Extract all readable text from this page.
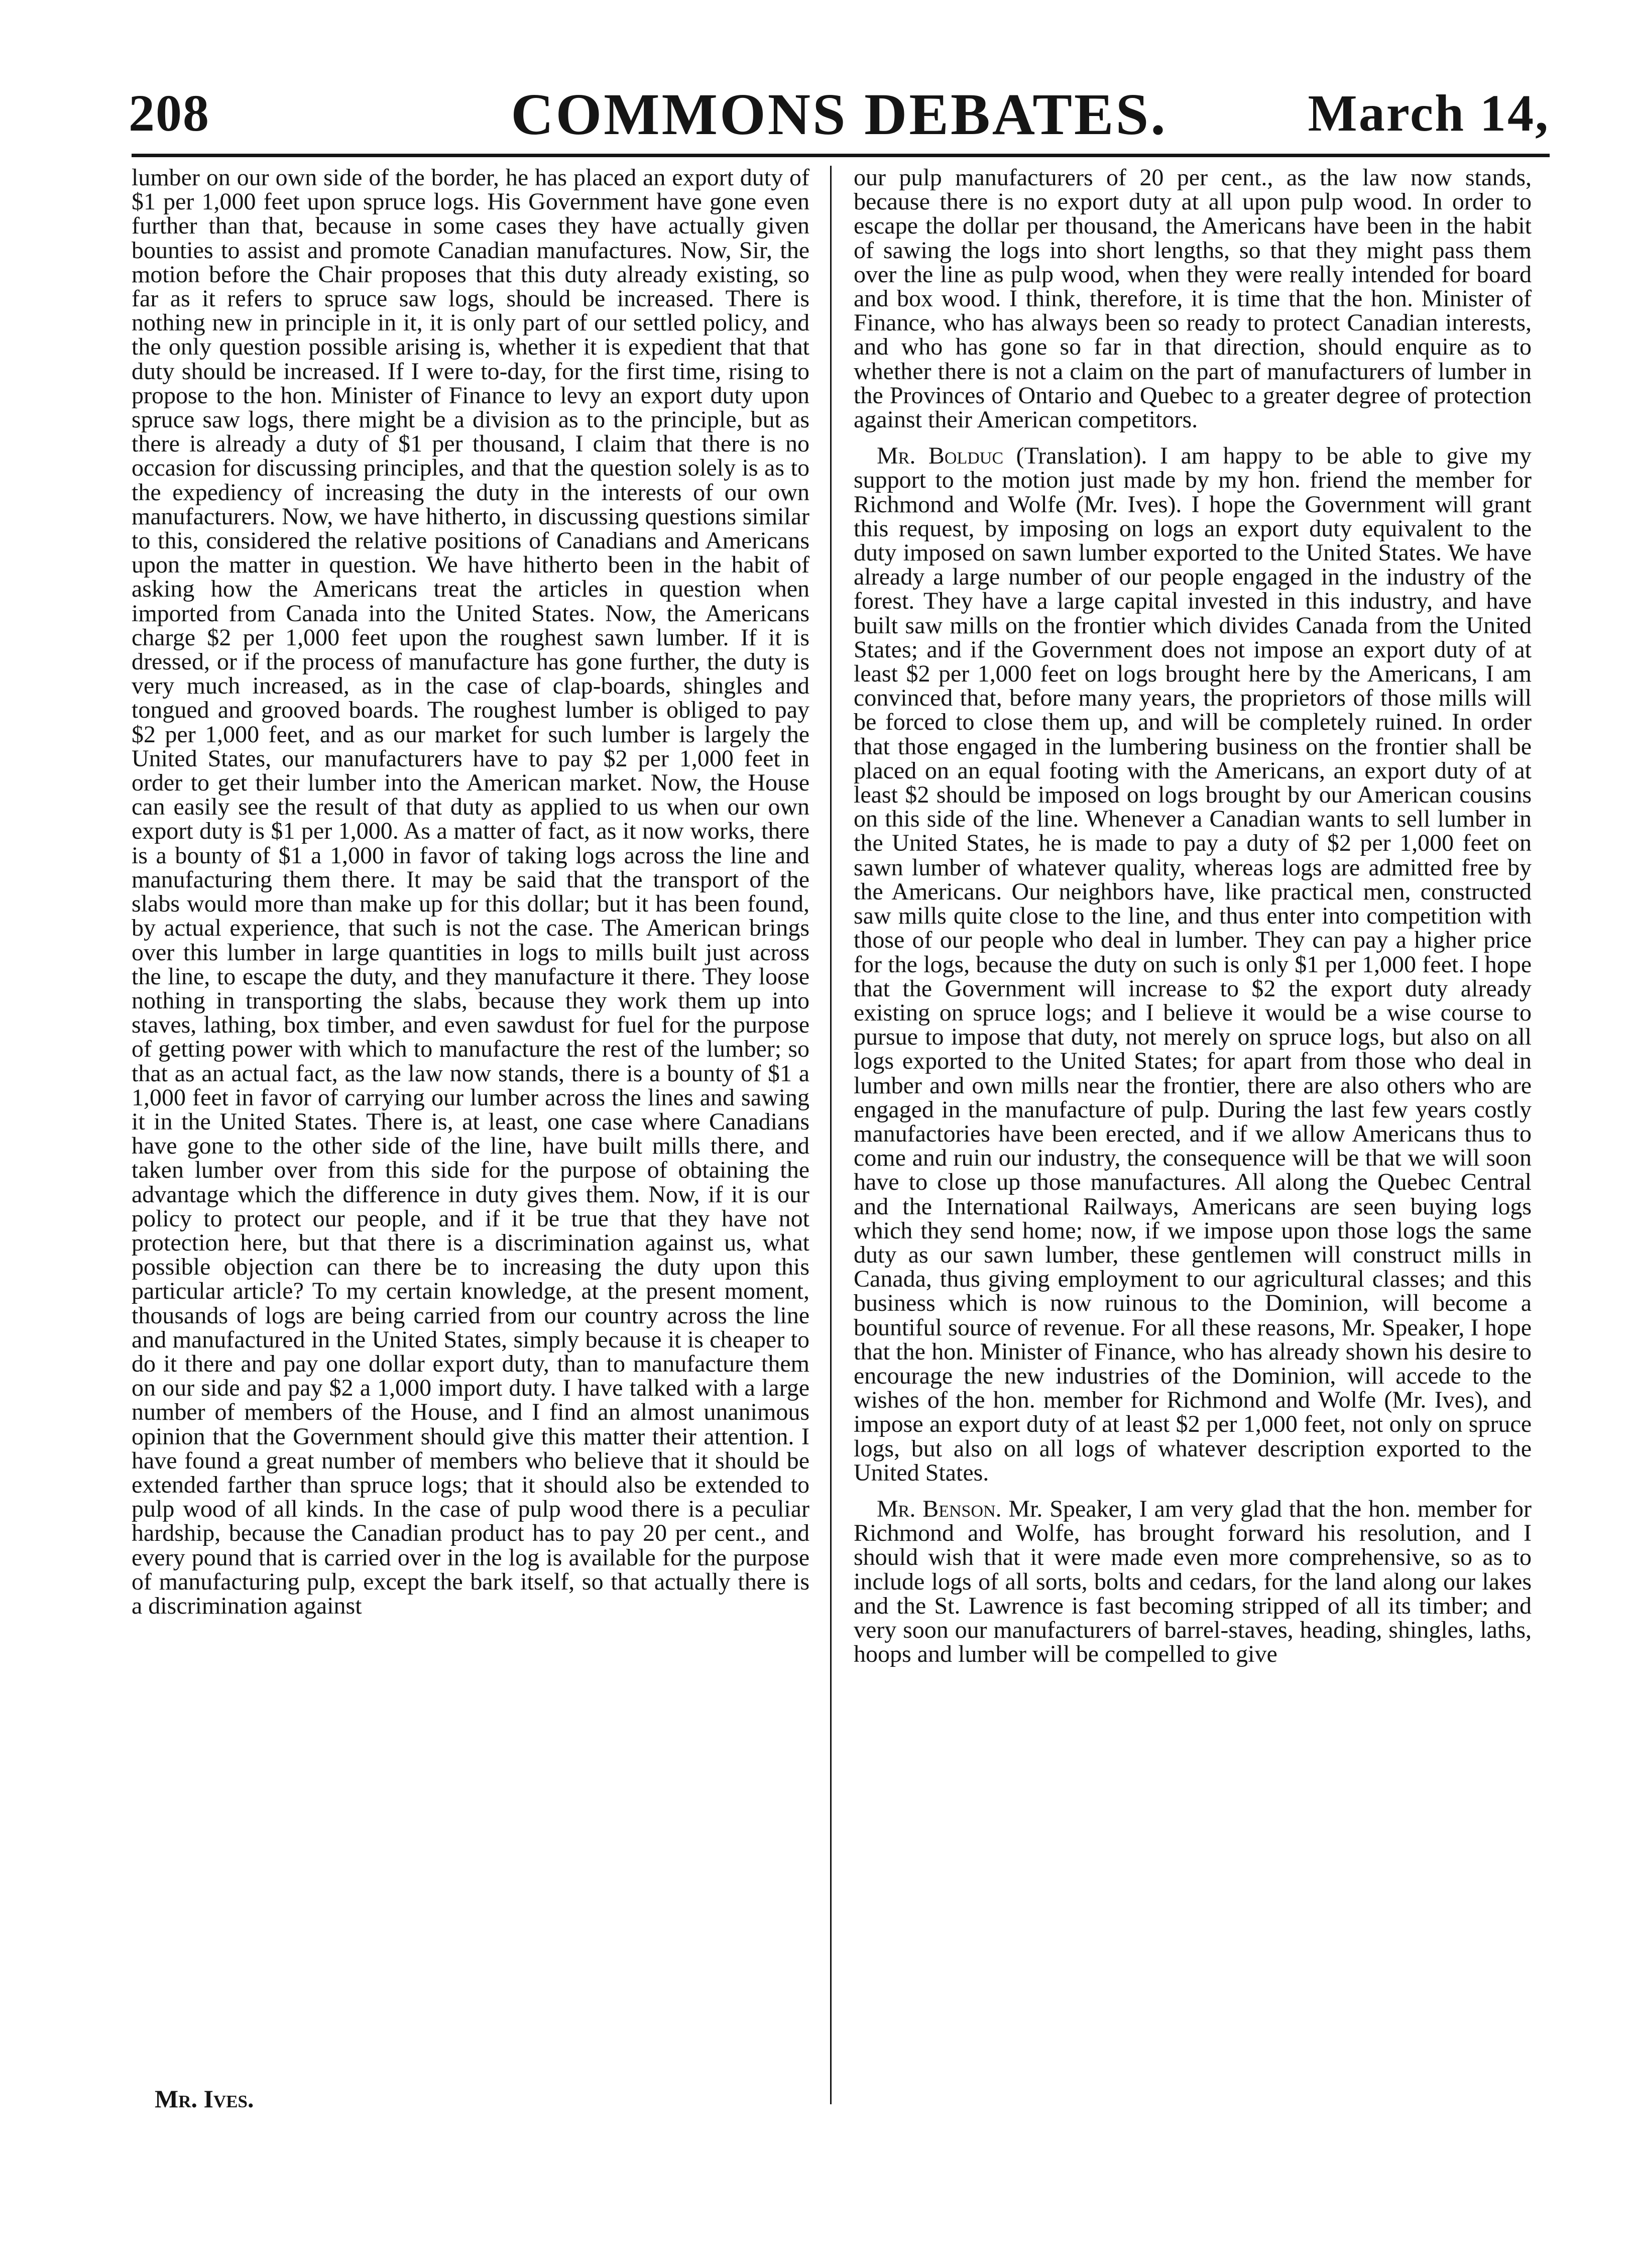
208	COMMONS DEBATES.	March 14,

lumber on our own side of the border, he has placed an export duty of $1 per 1,000 feet upon spruce logs. His Government have gone even further than that, because in some cases they have actually given bounties to assist and promote Canadian manufactures. Now, Sir, the motion before the Chair proposes that this duty already existing, so far as it refers to spruce saw logs, should be increased. There is nothing new in principle in it, it is only part of our settled policy, and the only question possible arising is, whether it is expedient that that duty should be increased. If I were to-day, for the first time, rising to propose to the hon. Minister of Finance to levy an export duty upon spruce saw logs, there might be a division as to the principle, but as there is already a duty of $1 per thousand, I claim that there is no occasion for discussing principles, and that the question solely is as to the expediency of increasing the duty in the interests of our own manufacturers. Now, we have hitherto, in discussing questions similar to this, considered the relative positions of Canadians and Americans upon the matter in question. We have hitherto been in the habit of asking how the Americans treat the articles in question when imported from Canada into the United States. Now, the Americans charge $2 per 1,000 feet upon the roughest sawn lumber. If it is dressed, or if the process of manufacture has gone further, the duty is very much increased, as in the case of clap-boards, shingles and tongued and grooved boards. The roughest lumber is obliged to pay $2 per 1,000 feet, and as our market for such lumber is largely the United States, our manufacturers have to pay $2 per 1,000 feet in order to get their lumber into the American market. Now, the House can easily see the result of that duty as applied to us when our own export duty is $1 per 1,000. As a matter of fact, as it now works, there is a bounty of $1 a 1,000 in favor of taking logs across the line and manufacturing them there. It may be said that the transport of the slabs would more than make up for this dollar; but it has been found, by actual experience, that such is not the case. The American brings over this lumber in large quantities in logs to mills built just across the line, to escape the duty, and they manufacture it there. They loose nothing in transporting the slabs, because they work them up into staves, lathing, box timber, and even sawdust for fuel for the purpose of getting power with which to manufacture the rest of the lumber; so that as an actual fact, as the law now stands, there is a bounty of $1 a 1,000 feet in favor of carrying our lumber across the lines and sawing it in the United States. There is, at least, one case where Canadians have gone to the other side of the line, have built mills there, and taken lumber over from this side for the purpose of obtaining the advantage which the difference in duty gives them. Now, if it is our policy to protect our people, and if it be true that they have not protection here, but that there is a discrimination against us, what possible objection can there be to increasing the duty upon this particular article? To my certain knowledge, at the present moment, thousands of logs are being carried from our country across the line and manufactured in the United States, simply because it is cheaper to do it there and pay one dollar export duty, than to manufacture them on our side and pay $2 a 1,000 import duty. I have talked with a large number of members of the House, and I find an almost unanimous opinion that the Government should give this matter their attention. I have found a great number of members who believe that it should be extended farther than spruce logs; that it should also be extended to pulp wood of all kinds. In the case of pulp wood there is a peculiar hardship, because the Canadian product has to pay 20 per cent., and every pound that is carried over in the log is available for the purpose of manufacturing pulp, except the bark itself, so that actually there is a discrimination against

our pulp manufacturers of 20 per cent., as the law now stands, because there is no export duty at all upon pulp wood. In order to escape the dollar per thousand, the Americans have been in the habit of sawing the logs into short lengths, so that they might pass them over the line as pulp wood, when they were really intended for board and box wood. I think, therefore, it is time that the hon. Minister of Finance, who has always been so ready to protect Canadian interests, and who has gone so far in that direction, should enquire as to whether there is not a claim on the part of manufacturers of lumber in the Provinces of Ontario and Quebec to a greater degree of protection against their American competitors.

Mr. Bolduc (Translation). I am happy to be able to give my support to the motion just made by my hon. friend the member for Richmond and Wolfe (Mr. Ives). I hope the Government will grant this request, by imposing on logs an export duty equivalent to the duty imposed on sawn lumber exported to the United States. We have already a large number of our people engaged in the industry of the forest. They have a large capital invested in this industry, and have built saw mills on the frontier which divides Canada from the United States; and if the Government does not impose an export duty of at least $2 per 1,000 feet on logs brought here by the Americans, I am convinced that, before many years, the proprietors of those mills will be forced to close them up, and will be completely ruined. In order that those engaged in the lumbering business on the frontier shall be placed on an equal footing with the Americans, an export duty of at least $2 should be imposed on logs brought by our American cousins on this side of the line. Whenever a Canadian wants to sell lumber in the United States, he is made to pay a duty of $2 per 1,000 feet on sawn lumber of whatever quality, whereas logs are admitted free by the Americans. Our neighbors have, like practical men, constructed saw mills quite close to the line, and thus enter into competition with those of our people who deal in lumber. They can pay a higher price for the logs, because the duty on such is only $1 per 1,000 feet. I hope that the Government will increase to $2 the export duty already existing on spruce logs; and I believe it would be a wise course to pursue to impose that duty, not merely on spruce logs, but also on all logs exported to the United States; for apart from those who deal in lumber and own mills near the frontier, there are also others who are engaged in the manufacture of pulp. During the last few years costly manufactories have been erected, and if we allow Americans thus to come and ruin our industry, the consequence will be that we will soon have to close up those manufactures. All along the Quebec Central and the International Railways, Americans are seen buying logs which they send home; now, if we impose upon those logs the same duty as our sawn lumber, these gentlemen will construct mills in Canada, thus giving employment to our agricultural classes; and this business which is now ruinous to the Dominion, will become a bountiful source of revenue. For all these reasons, Mr. Speaker, I hope that the hon. Minister of Finance, who has already shown his desire to encourage the new industries of the Dominion, will accede to the wishes of the hon. member for Richmond and Wolfe (Mr. Ives), and impose an export duty of at least $2 per 1,000 feet, not only on spruce logs, but also on all logs of whatever description exported to the United States.

Mr. Benson. Mr. Speaker, I am very glad that the hon. member for Richmond and Wolfe, has brought forward his resolution, and I should wish that it were made even more comprehensive, so as to include logs of all sorts, bolts and cedars, for the land along our lakes and the St. Lawrence is fast becoming stripped of all its timber; and very soon our manufacturers of barrel-staves, heading, shingles, laths, hoops and lumber will be compelled to give

Mr. Ives.
